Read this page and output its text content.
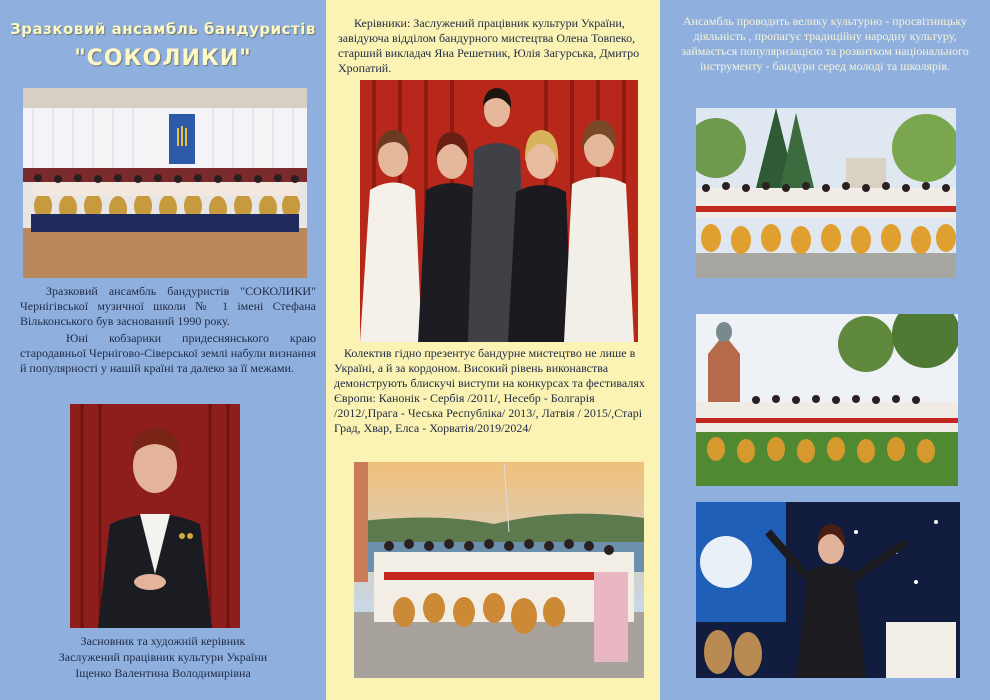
Зразковий ансамбль бандуристів
"СОКОЛИКИ"
Зразковий ансамбль бандуристів "СОКОЛИКИ" Чернігівської музичної школи № 1 імені Стефана Вільконського був заснований 1990 року.
Юні кобзарики придеснянського краю стародавньої Чернігово-Сіверської землі набули визнання й популярності у нашій країні та далеко за її межами.
Засновник та художній керівник
Заслужений працівник культури України
Іщенко Валентина Володимирівна
Керівники: Заслужений працівник культури України, завідуюча відділом бандурного мистецтва Олена Товпеко, старший викладач Яна Решетник, Юлія Загурська, Дмитро Хропатий.
Колектив гідно презентує бандурне мистецтво не лише в Україні, а й за кордоном. Високий рівень виконавства демонструють блискучі виступи на конкурсах та фестивалях Європи: Канонік - Сербія /2011/, Несебр - Болгарія /2012/,Прага - Чеська Республіка/ 2013/, Латвія / 2015/,Старі Град, Хвар, Елса - Хорватія/2019/2024/
Ансамбль проводить велику культурно - просвітницьку діяльність , пропагує традиційну народну культуру, займається популяризацією та розвитком національного інструменту - бандури серед молоді та школярів.
